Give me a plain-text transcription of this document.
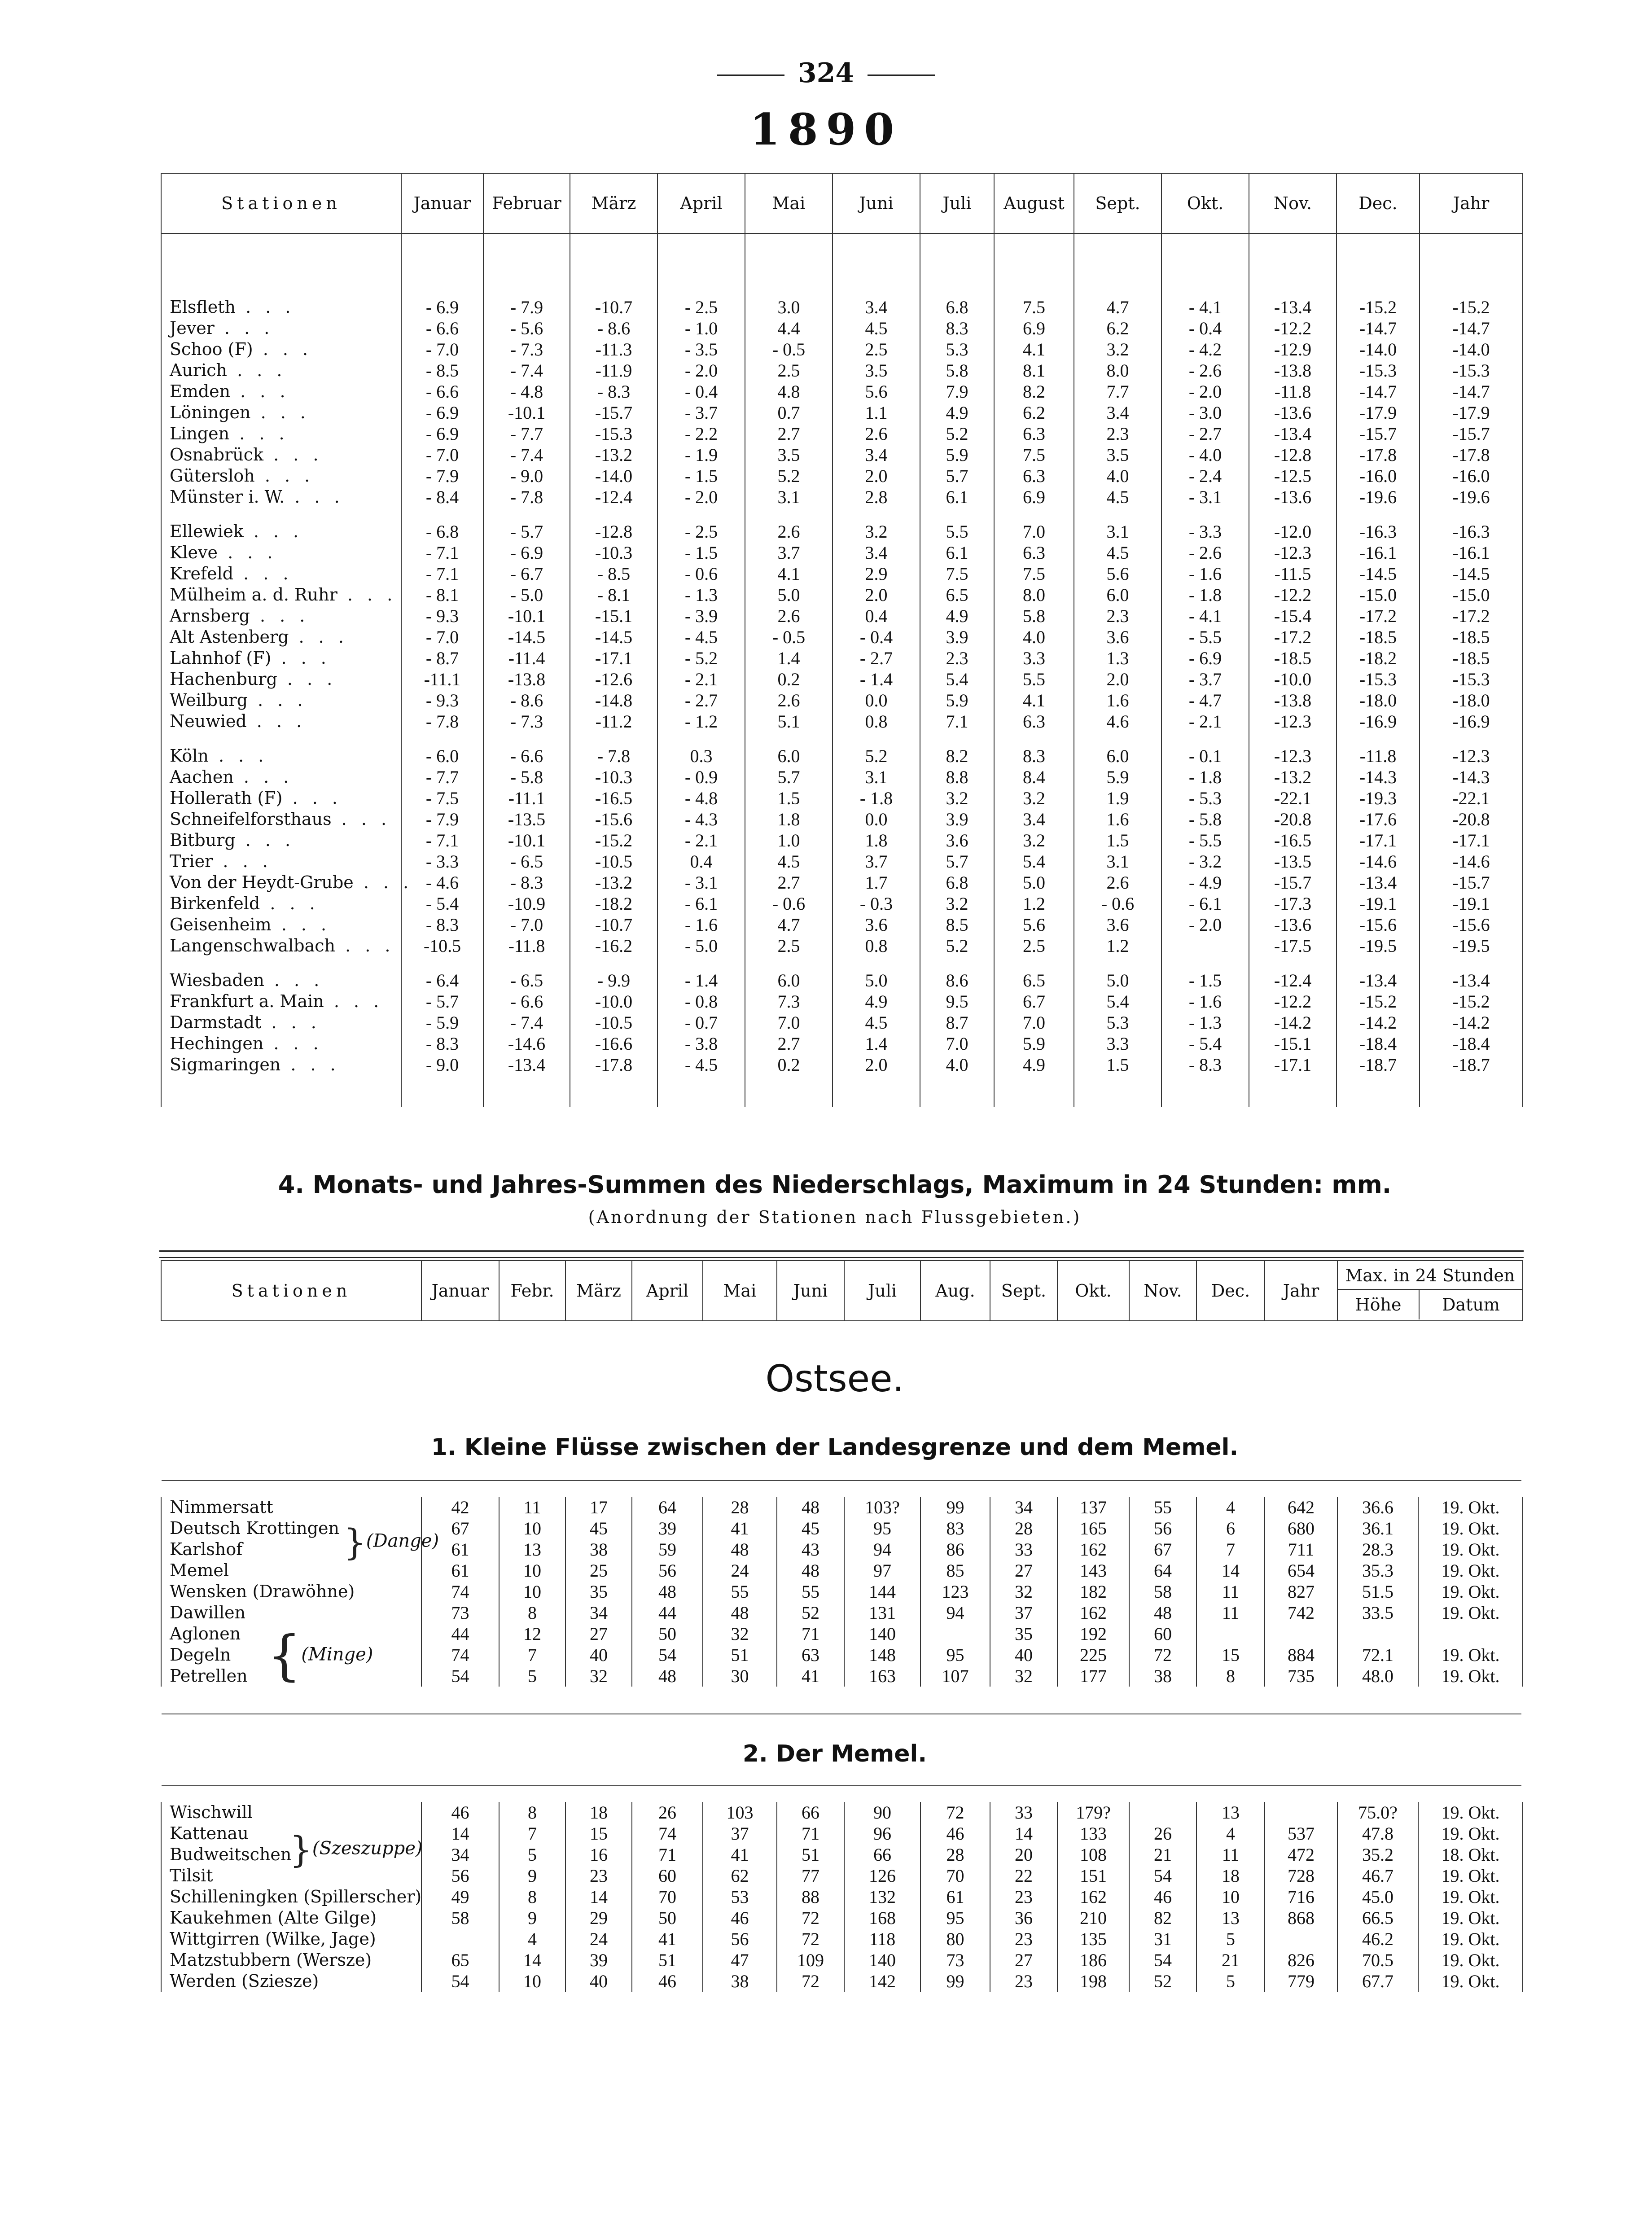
324
1890
Stationen	Januar	Februar	März	April	Mai	Juni	Juli	August	Sept.	Okt.	Nov.	Dec.	Jahr

Elsfleth . . .	- 6.9	- 7.9	-10.7	- 2.5	3.0	3.4	6.8	7.5	4.7	- 4.1	-13.4	-15.2	-15.2
Jever . . .	- 6.6	- 5.6	- 8.6	- 1.0	4.4	4.5	8.3	6.9	6.2	- 0.4	-12.2	-14.7	-14.7
Schoo (F) . . .	- 7.0	- 7.3	-11.3	- 3.5	- 0.5	2.5	5.3	4.1	3.2	- 4.2	-12.9	-14.0	-14.0
Aurich . . .	- 8.5	- 7.4	-11.9	- 2.0	2.5	3.5	5.8	8.1	8.0	- 2.6	-13.8	-15.3	-15.3
Emden . . .	- 6.6	- 4.8	- 8.3	- 0.4	4.8	5.6	7.9	8.2	7.7	- 2.0	-11.8	-14.7	-14.7
Löningen . . .	- 6.9	-10.1	-15.7	- 3.7	0.7	1.1	4.9	6.2	3.4	- 3.0	-13.6	-17.9	-17.9
Lingen . . .	- 6.9	- 7.7	-15.3	- 2.2	2.7	2.6	5.2	6.3	2.3	- 2.7	-13.4	-15.7	-15.7
Osnabrück . . .	- 7.0	- 7.4	-13.2	- 1.9	3.5	3.4	5.9	7.5	3.5	- 4.0	-12.8	-17.8	-17.8
Gütersloh . . .	- 7.9	- 9.0	-14.0	- 1.5	5.2	2.0	5.7	6.3	4.0	- 2.4	-12.5	-16.0	-16.0
Münster i. W. . . .	- 8.4	- 7.8	-12.4	- 2.0	3.1	2.8	6.1	6.9	4.5	- 3.1	-13.6	-19.6	-19.6

Ellewiek . . .	- 6.8	- 5.7	-12.8	- 2.5	2.6	3.2	5.5	7.0	3.1	- 3.3	-12.0	-16.3	-16.3
Kleve . . .	- 7.1	- 6.9	-10.3	- 1.5	3.7	3.4	6.1	6.3	4.5	- 2.6	-12.3	-16.1	-16.1
Krefeld . . .	- 7.1	- 6.7	- 8.5	- 0.6	4.1	2.9	7.5	7.5	5.6	- 1.6	-11.5	-14.5	-14.5
Mülheim a. d. Ruhr . . .	- 8.1	- 5.0	- 8.1	- 1.3	5.0	2.0	6.5	8.0	6.0	- 1.8	-12.2	-15.0	-15.0
Arnsberg . . .	- 9.3	-10.1	-15.1	- 3.9	2.6	0.4	4.9	5.8	2.3	- 4.1	-15.4	-17.2	-17.2
Alt Astenberg . . .	- 7.0	-14.5	-14.5	- 4.5	- 0.5	- 0.4	3.9	4.0	3.6	- 5.5	-17.2	-18.5	-18.5
Lahnhof (F) . . .	- 8.7	-11.4	-17.1	- 5.2	1.4	- 2.7	2.3	3.3	1.3	- 6.9	-18.5	-18.2	-18.5
Hachenburg . . .	-11.1	-13.8	-12.6	- 2.1	0.2	- 1.4	5.4	5.5	2.0	- 3.7	-10.0	-15.3	-15.3
Weilburg . . .	- 9.3	- 8.6	-14.8	- 2.7	2.6	0.0	5.9	4.1	1.6	- 4.7	-13.8	-18.0	-18.0
Neuwied . . .	- 7.8	- 7.3	-11.2	- 1.2	5.1	0.8	7.1	6.3	4.6	- 2.1	-12.3	-16.9	-16.9

Köln . . .	- 6.0	- 6.6	- 7.8	0.3	6.0	5.2	8.2	8.3	6.0	- 0.1	-12.3	-11.8	-12.3
Aachen . . .	- 7.7	- 5.8	-10.3	- 0.9	5.7	3.1	8.8	8.4	5.9	- 1.8	-13.2	-14.3	-14.3
Hollerath (F) . . .	- 7.5	-11.1	-16.5	- 4.8	1.5	- 1.8	3.2	3.2	1.9	- 5.3	-22.1	-19.3	-22.1
Schneifelforsthaus . . .	- 7.9	-13.5	-15.6	- 4.3	1.8	0.0	3.9	3.4	1.6	- 5.8	-20.8	-17.6	-20.8
Bitburg . . .	- 7.1	-10.1	-15.2	- 2.1	1.0	1.8	3.6	3.2	1.5	- 5.5	-16.5	-17.1	-17.1
Trier . . .	- 3.3	- 6.5	-10.5	0.4	4.5	3.7	5.7	5.4	3.1	- 3.2	-13.5	-14.6	-14.6
Von der Heydt-Grube . . .	- 4.6	- 8.3	-13.2	- 3.1	2.7	1.7	6.8	5.0	2.6	- 4.9	-15.7	-13.4	-15.7
Birkenfeld . . .	- 5.4	-10.9	-18.2	- 6.1	- 0.6	- 0.3	3.2	1.2	- 0.6	- 6.1	-17.3	-19.1	-19.1
Geisenheim . . .	- 8.3	- 7.0	-10.7	- 1.6	4.7	3.6	8.5	5.6	3.6	- 2.0	-13.6	-15.6	-15.6
Langenschwalbach . . .	-10.5	-11.8	-16.2	- 5.0	2.5	0.8	5.2	2.5	1.2		-17.5	-19.5	-19.5

Wiesbaden . . .	- 6.4	- 6.5	- 9.9	- 1.4	6.0	5.0	8.6	6.5	5.0	- 1.5	-12.4	-13.4	-13.4
Frankfurt a. Main . . .	- 5.7	- 6.6	-10.0	- 0.8	7.3	4.9	9.5	6.7	5.4	- 1.6	-12.2	-15.2	-15.2
Darmstadt . . .	- 5.9	- 7.4	-10.5	- 0.7	7.0	4.5	8.7	7.0	5.3	- 1.3	-14.2	-14.2	-14.2
Hechingen . . .	- 8.3	-14.6	-16.6	- 3.8	2.7	1.4	7.0	5.9	3.3	- 5.4	-15.1	-18.4	-18.4
Sigmaringen . . .	- 9.0	-13.4	-17.8	- 4.5	0.2	2.0	4.0	4.9	1.5	- 8.3	-17.1	-18.7	-18.7

4. Monats- und Jahres-Summen des Niederschlags, Maximum in 24 Stunden: mm.
(Anordnung der Stationen nach Flussgebieten.)
Stationen	Januar	Febr.	März	April	Mai	Juni	Juli	Aug.	Sept.	Okt.	Nov.	Dec.	Jahr	
Max. in 24 Stunden
Höhe	Datum
Ostsee.
1. Kleine Flüsse zwischen der Landesgrenze und dem Memel.
Nimmersatt	42	11	17	64	28	48	103?	99	34	137	55	4	642	36.6	19. Okt.
Deutsch Krottingen	67	10	45	39	41	45	95	83	28	165	56	6	680	36.1	19. Okt.
Karlshof	61	13	38	59	48	43	94	86	33	162	67	7	711	28.3	19. Okt.
Memel	61	10	25	56	24	48	97	85	27	143	64	14	654	35.3	19. Okt.
Wensken (Drawöhne)	74	10	35	48	55	55	144	123	32	182	58	11	827	51.5	19. Okt.
Dawillen	73	8	34	44	48	52	131	94	37	162	48	11	742	33.5	19. Okt.
Aglonen	44	12	27	50	32	71	140		35	192	60				
Degeln	74	7	40	54	51	63	148	95	40	225	72	15	884	72.1	19. Okt.
Petrellen	54	5	32	48	30	41	163	107	32	177	38	8	735	48.0	19. Okt.
2. Der Memel.
Wischwill	46	8	18	26	103	66	90	72	33	179?		13		75.0?	19. Okt.
Kattenau	14	7	15	74	37	71	96	46	14	133	26	4	537	47.8	19. Okt.
Budweitschen	34	5	16	71	41	51	66	28	20	108	21	11	472	35.2	18. Okt.
Tilsit	56	9	23	60	62	77	126	70	22	151	54	18	728	46.7	19. Okt.
Schilleningken (Spillerscher)	49	8	14	70	53	88	132	61	23	162	46	10	716	45.0	19. Okt.
Kaukehmen (Alte Gilge)	58	9	29	50	46	72	168	95	36	210	82	13	868	66.5	19. Okt.
Wittgirren (Wilke, Jage)		4	24	41	56	72	118	80	23	135	31	5		46.2	19. Okt.
Matzstubbern (Wersze)	65	14	39	51	47	109	140	73	27	186	54	21	826	70.5	19. Okt.
Werden (Sziesze)	54	10	40	46	38	72	142	99	23	198	52	5	779	67.7	19. Okt.
}(Dange)
{(Minge)
}(Szeszuppe)
